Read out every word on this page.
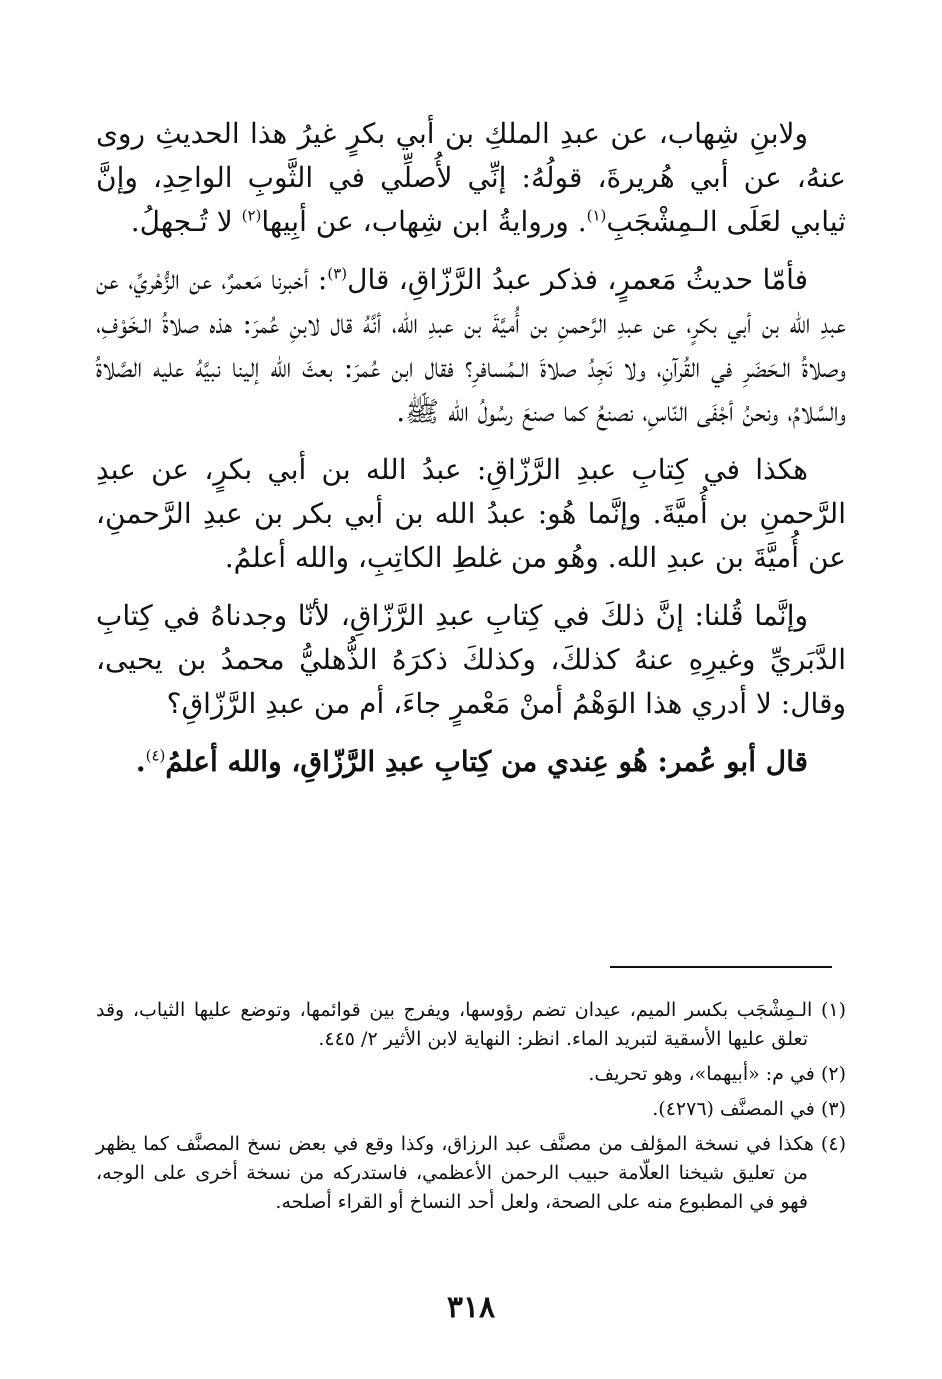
ولابنِ شِهاب، عن عبدِ الملكِ بن أبي بكرٍ غيرُ هذا الحديثِ روى عنهُ، عن أبي هُريرةَ، قولُهُ: إنِّي لأُصلِّي في الثَّوبِ الواحِدِ، وإنَّ ثيابي لعَلَى الـمِشْجَبِ$^{(١)}$. وروايةُ ابن شِهاب، عن أبِيها$^{(٢)}$ لا تُـجهلُ.

فأمّا حديثُ مَعمرٍ، فذكر عبدُ الرَّزّاقِ، قال$^{(٣)}$: أخبرنا مَعمرٌ، عن الزُّهْريِّ، عن عبدِ الله بن أبي بكرٍ، عن عبدِ الرَّحمنِ بن أُميَّةَ بن عبدِ الله، أنَّهُ قال لابنِ عُمرَ: هذه صلاةُ الـخَوْفِ، وصلاةُ الـحَضَرِ في القُرآنِ، ولا نَجِدُ صلاةَ الـمُسافرِ؟ فقال ابن عُمرَ: بعثَ الله إلينا نبيَّهُ عليه الصَّلاةُ والسَّلامُ، ونحنُ أجْفَى النّاسِ، نصنعُ كما صنعَ رسُولُ الله ﷺ.

هكذا في كِتابِ عبدِ الرَّزّاقِ: عبدُ الله بن أبي بكرٍ، عن عبدِ الرَّحمنِ بن أُميَّةَ. وإنَّما هُو: عبدُ الله بن أبي بكر بن عبدِ الرَّحمنِ، عن أُميَّةَ بن عبدِ الله. وهُو من غلطِ الكاتِبِ، والله أعلمُ.

وإنَّما قُلنا: إنَّ ذلكَ في كِتابِ عبدِ الرَّزّاقِ، لأنّا وجدناهُ في كِتابِ الدَّبَريِّ وغيرِهِ عنهُ كذلكَ، وكذلكَ ذكرَهُ الذُّهليُّ محمدُ بن يحيى، وقال: لا أدري هذا الوَهْمُ أمنْ مَعْمرٍ جاءَ، أم من عبدِ الرَّزّاقِ؟

قال أبو عُمر: هُو عِندي من كِتابِ عبدِ الرَّزّاقِ، والله أعلمُ$^{(٤)}$.

(١) الـمِشْجَب بكسر الميم، عيدان تضم رؤوسها، ويفرج بين قوائمها، وتوضع عليها الثياب، وقد تعلق عليها الأسقية لتبريد الماء. انظر: النهاية لابن الأثير ٢/ ٤٤٥.

(٢) في م: «أبيهما»، وهو تحريف.

(٣) في المصنَّف (٤٢٧٦).

(٤) هكذا في نسخة المؤلف من مصنَّف عبد الرزاق، وكذا وقع في بعض نسخ المصنَّف كما يظهر من تعليق شيخنا العلّامة حبيب الرحمن الأعظمي، فاستدركه من نسخة أخرى على الوجه، فهو في المطبوع منه على الصحة، ولعل أحد النساخ أو القراء أصلحه.

٣١٨
